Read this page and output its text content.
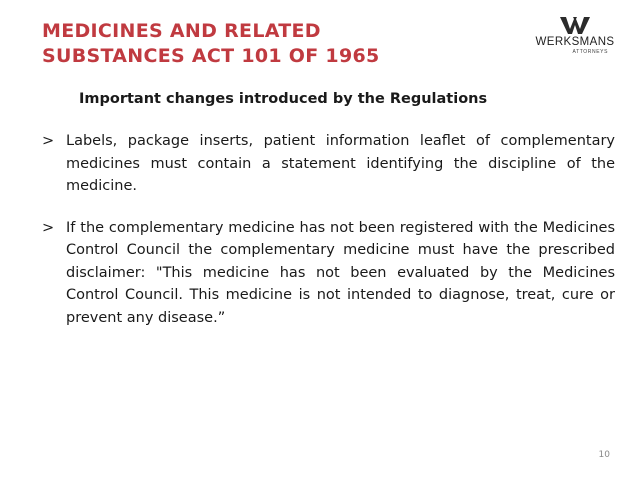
MEDICINES AND RELATED
SUBSTANCES ACT 101 OF 1965
WERKSMANS
ATTORNEYS
Important changes introduced by the Regulations
> Labels, package inserts, patient information leaflet of complementary medicines must contain a statement identifying the discipline of the medicine.
> If the complementary medicine has not been registered with the Medicines Control Council the complementary medicine must have the prescribed disclaimer: "This medicine has not been evaluated by the Medicines Control Council. This medicine is not intended to diagnose, treat, cure or prevent any disease.”
10
